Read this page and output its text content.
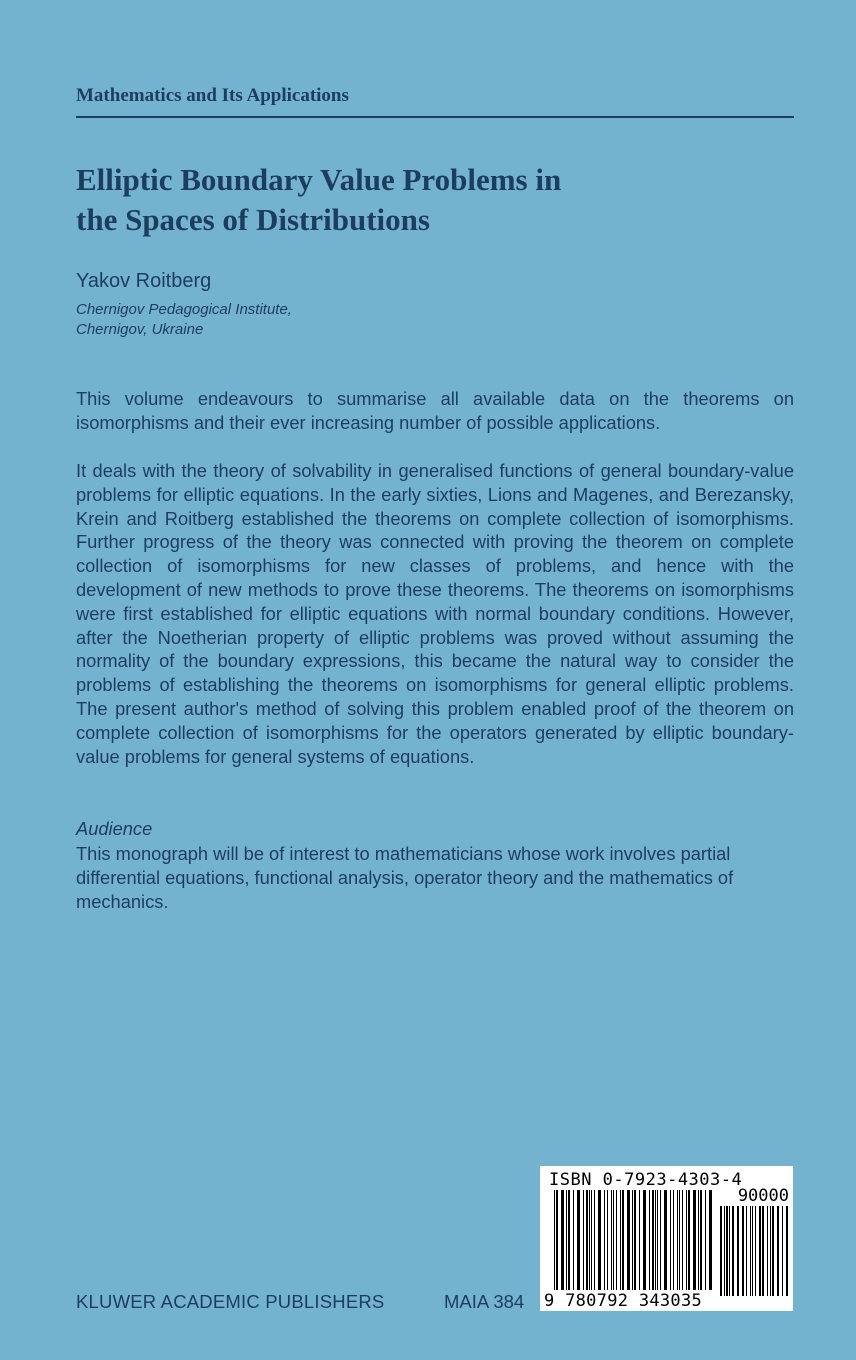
Mathematics and Its Applications
Elliptic Boundary Value Problems in
the Spaces of Distributions
Yakov Roitberg
Chernigov Pedagogical Institute,
Chernigov, Ukraine

This volume endeavours to summarise all available data on the theorems on isomorphisms and their ever increasing number of possible applications.

It deals with the theory of solvability in generalised functions of general boundary-value problems for elliptic equations. In the early sixties, Lions and Magenes, and Berezansky, Krein and Roitberg established the theorems on complete collection of isomorphisms. Further progress of the theory was connected with proving the theorem on complete collection of isomorphisms for new classes of problems, and hence with the development of new methods to prove these theorems. The theorems on isomorphisms were first established for elliptic equations with normal boundary conditions. However, after the Noetherian property of elliptic problems was proved without assuming the normality of the boundary expressions, this became the natural way to consider the problems of establishing the theorems on isomorphisms for general elliptic problems. The present author's method of solving this problem enabled proof of the theorem on complete collection of isomorphisms for the operators generated by elliptic boundary-value problems for general systems of equations.

Audience

This monograph will be of interest to mathematicians whose work involves partial differential equations, functional analysis, operator theory and the mathematics of mechanics.

KLUWER ACADEMIC PUBLISHERS	MAIA 384
ISBN 0-7923-4303-4
90000
9 780792 343035
